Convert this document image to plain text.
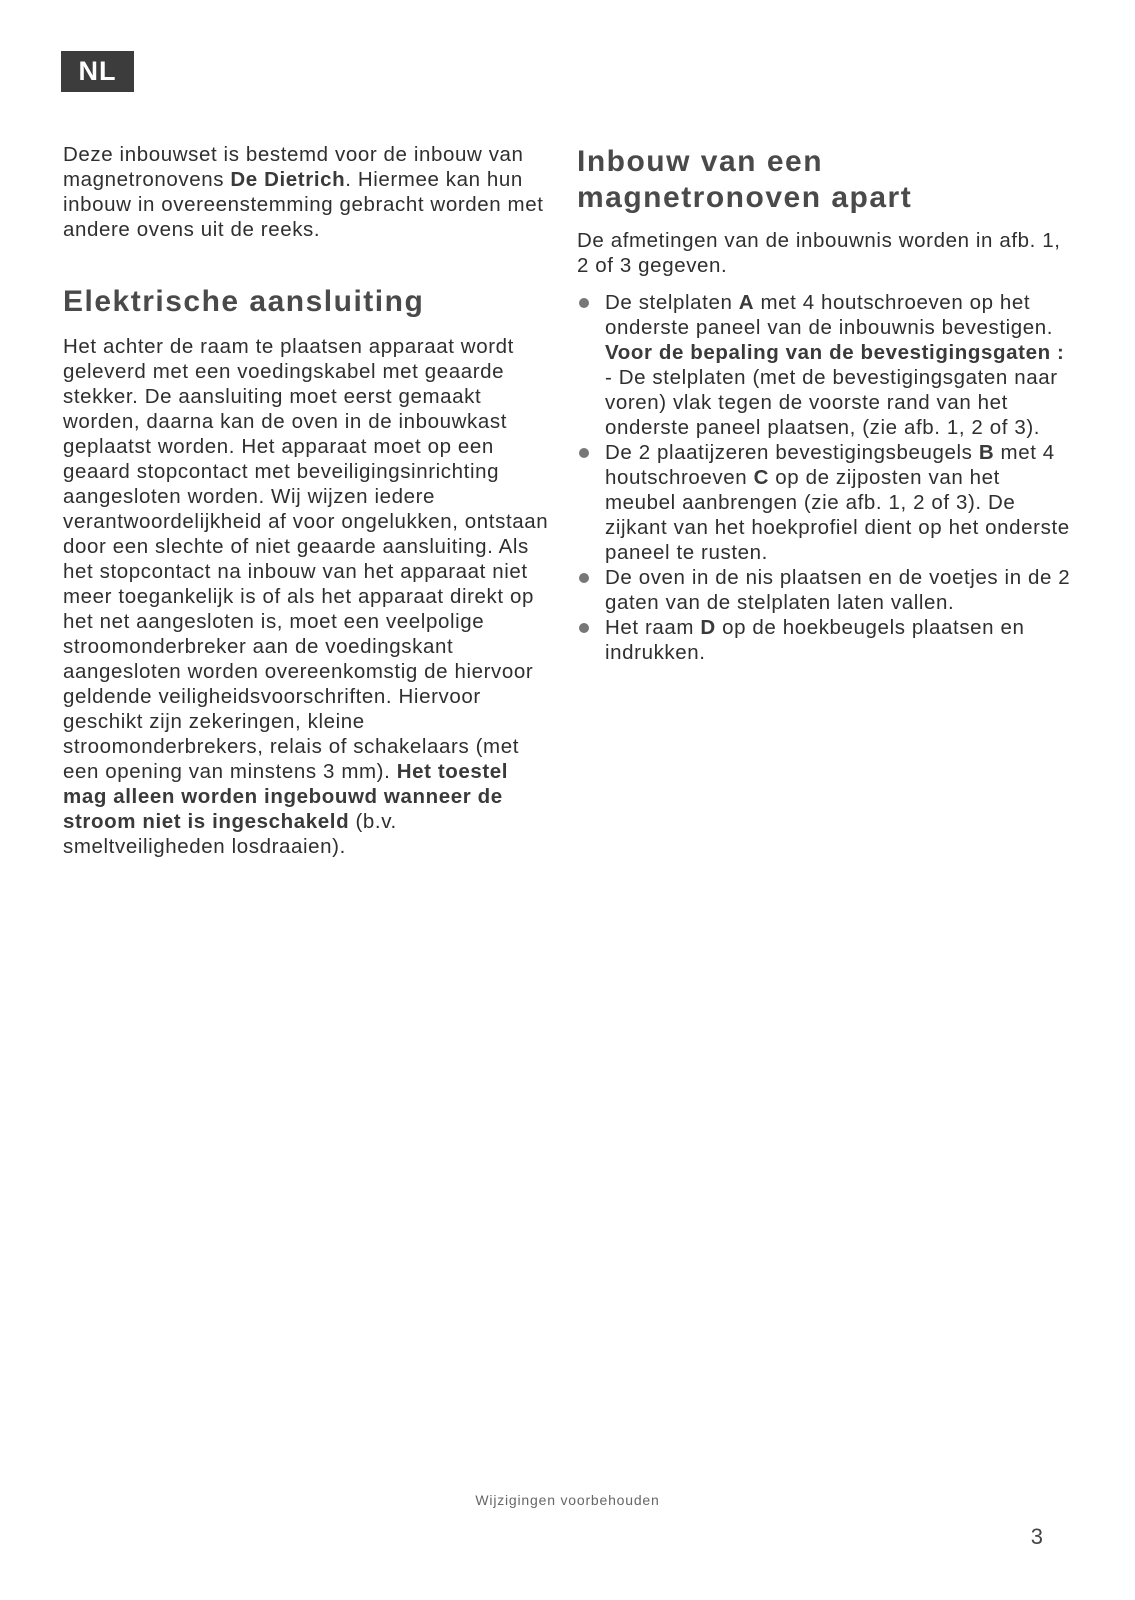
NL

Deze inbouwset is bestemd voor de inbouw van magnetronovens De Dietrich. Hiermee kan hun inbouw in overeenstemming gebracht worden met andere ovens uit de reeks.

Elektrische aansluiting

Het achter de raam te plaatsen apparaat wordt geleverd met een voedingskabel met geaarde stekker. De aansluiting moet eerst gemaakt worden, daarna kan de oven in de inbouwkast geplaatst worden. Het apparaat moet op een geaard stopcontact met beveiligingsinrichting aangesloten worden. Wij wijzen iedere verantwoordelijkheid af voor ongelukken, ontstaan door een slechte of niet geaarde aansluiting. Als het stopcontact na inbouw van het apparaat niet meer toegankelijk is of als het apparaat direkt op het net aangesloten is, moet een veelpolige stroomonderbreker aan de voedingskant aangesloten worden overeenkomstig de hiervoor geldende veiligheidsvoorschriften. Hiervoor geschikt zijn zekeringen, kleine stroomonderbrekers, relais of schakelaars (met een opening van minstens 3 mm). Het toestel mag alleen worden ingebouwd wanneer de stroom niet is ingeschakeld (b.v. smeltveiligheden losdraaien).

Inbouw van een
magnetronoven apart

De afmetingen van de inbouwnis worden in afb. 1, 2 of 3 gegeven.

De stelplaten A met 4 houtschroeven op het onderste paneel van de inbouwnis bevestigen.
Voor de bepaling van de bevestigingsgaten :
- De stelplaten (met de bevestigingsgaten naar voren) vlak tegen de voorste rand van het onderste paneel plaatsen, (zie afb. 1, 2 of 3).
De 2 plaatijzeren bevestigingsbeugels B met 4 houtschroeven C op de zijposten van het meubel aanbrengen (zie afb. 1, 2 of 3). De zijkant van het hoekprofiel dient op het onderste paneel te rusten.
De oven in de nis plaatsen en de voetjes in de 2 gaten van de stelplaten laten vallen.
Het raam D op de hoekbeugels plaatsen en indrukken.
Wijzigingen voorbehouden
3
